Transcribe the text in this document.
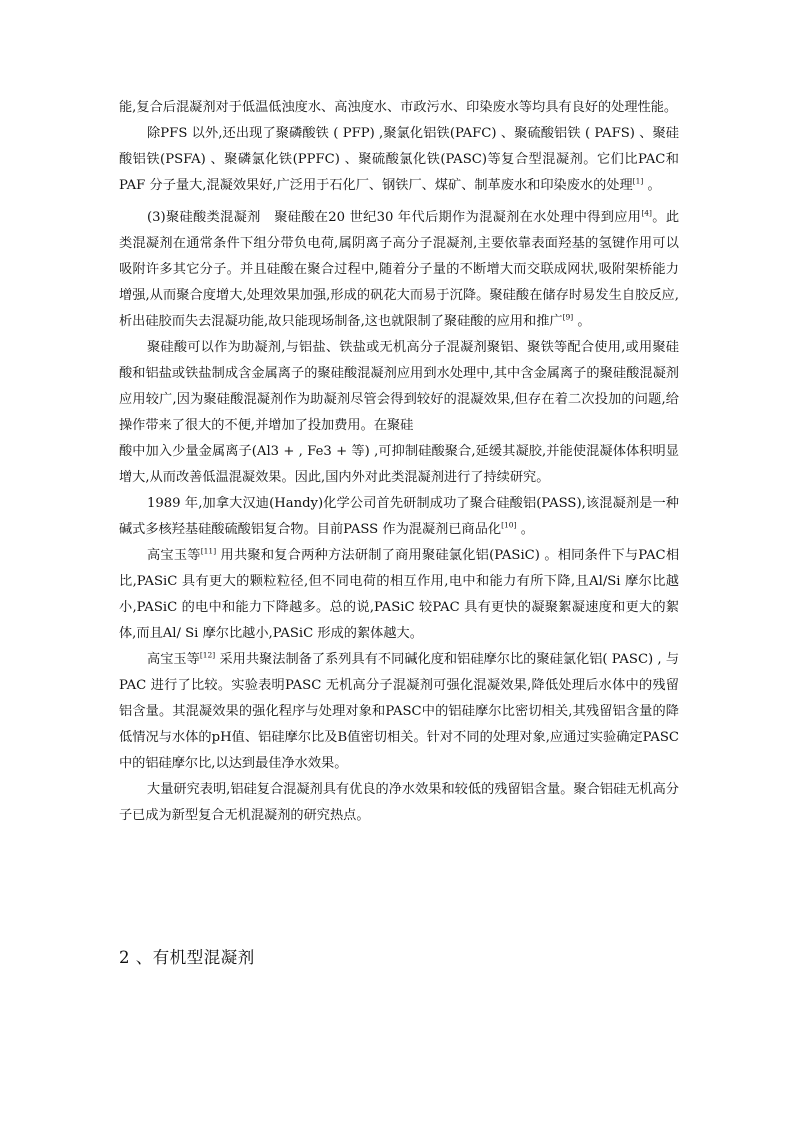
能,复合后混凝剂对于低温低浊度水、高浊度水、市政污水、印染废水等均具有良好的处理性能。

除PFS 以外,还出现了聚磷酸铁 ( PFP) ,聚氯化铝铁(PAFC) 、聚硫酸铝铁 ( PAFS) 、聚硅酸铝铁(PSFA) 、聚磷氯化铁(PPFC) 、聚硫酸氯化铁(PASC)等复合型混凝剂。它们比PAC和PAF 分子量大,混凝效果好,广泛用于石化厂、钢铁厂、煤矿、制革废水和印染废水的处理[1] 。

(3)聚硅酸类混凝剂　聚硅酸在20 世纪30 年代后期作为混凝剂在水处理中得到应用[4]。此类混凝剂在通常条件下组分带负电荷,属阴离子高分子混凝剂,主要依靠表面羟基的氢键作用可以吸附许多其它分子。并且硅酸在聚合过程中,随着分子量的不断增大而交联成网状,吸附架桥能力增强,从而聚合度增大,处理效果加强,形成的矾花大而易于沉降。聚硅酸在储存时易发生自胶反应,析出硅胶而失去混凝功能,故只能现场制备,这也就限制了聚硅酸的应用和推广[9] 。

聚硅酸可以作为助凝剂,与铝盐、铁盐或无机高分子混凝剂聚铝、聚铁等配合使用,或用聚硅酸和铝盐或铁盐制成含金属离子的聚硅酸混凝剂应用到水处理中,其中含金属离子的聚硅酸混凝剂应用较广,因为聚硅酸混凝剂作为助凝剂尽管会得到较好的混凝效果,但存在着二次投加的问题,给操作带来了很大的不便,并增加了投加费用。在聚硅

酸中加入少量金属离子(Al3 + , Fe3 + 等) ,可抑制硅酸聚合,延缓其凝胶,并能使混凝体体积明显增大,从而改善低温混凝效果。因此,国内外对此类混凝剂进行了持续研究。

1989 年,加拿大汉迪(Handy)化学公司首先研制成功了聚合硅酸铝(PASS),该混凝剂是一种碱式多核羟基硅酸硫酸铝复合物。目前PASS 作为混凝剂已商品化[10] 。

高宝玉等[11] 用共聚和复合两种方法研制了商用聚硅氯化铝(PASiC) 。相同条件下与PAC相比,PASiC 具有更大的颗粒粒径,但不同电荷的相互作用,电中和能力有所下降,且Al/Si 摩尔比越小,PASiC 的电中和能力下降越多。总的说,PASiC 较PAC 具有更快的凝聚絮凝速度和更大的絮体,而且Al/ Si 摩尔比越小,PASiC 形成的絮体越大。

高宝玉等[12] 采用共聚法制备了系列具有不同碱化度和铝硅摩尔比的聚硅氯化铝( PASC) , 与PAC 进行了比较。实验表明PASC 无机高分子混凝剂可强化混凝效果,降低处理后水体中的残留铝含量。其混凝效果的强化程序与处理对象和PASC中的铝硅摩尔比密切相关,其残留铝含量的降低情况与水体的pH值、铝硅摩尔比及B值密切相关。针对不同的处理对象,应通过实验确定PASC 中的铝硅摩尔比,以达到最佳净水效果。

大量研究表明,铝硅复合混凝剂具有优良的净水效果和较低的残留铝含量。聚合铝硅无机高分子已成为新型复合无机混凝剂的研究热点。

2 、有机型混凝剂
